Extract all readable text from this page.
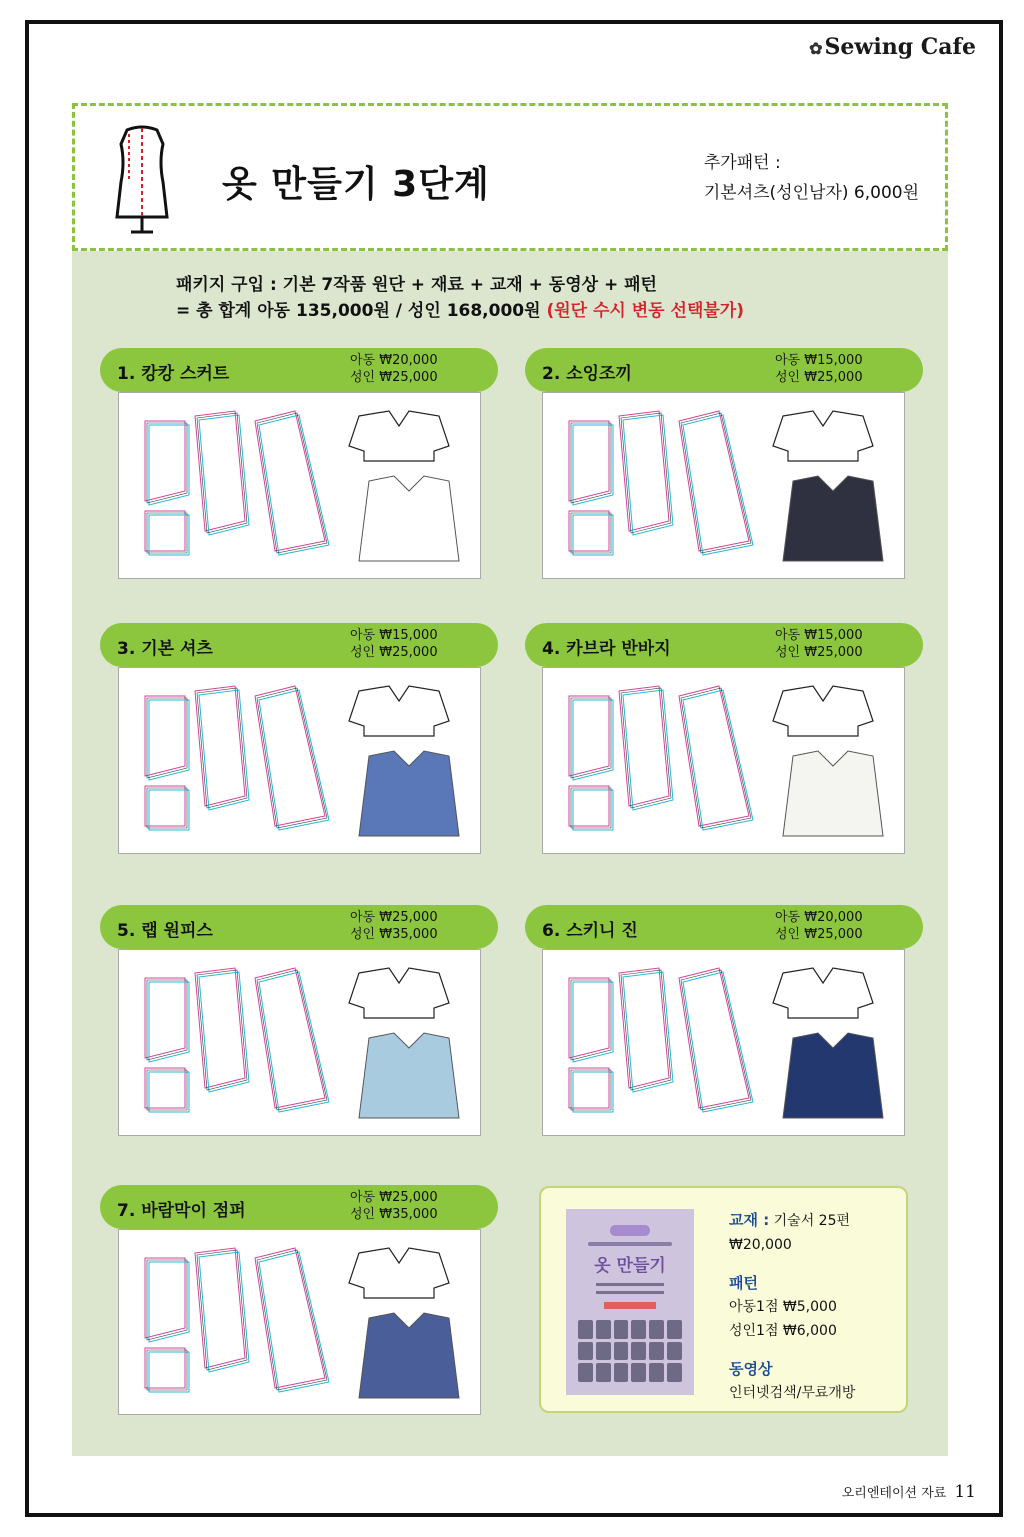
✿Sewing Cafe
옷 만들기 3단계
추가패턴 :
기본셔츠(성인남자) 6,000원
패키지 구입 : 기본 7작품 원단 + 재료 + 교재 + 동영상 + 패턴
= 총 합계 아동 135,000원 / 성인 168,000원 (원단 수시 변동 선택불가)
1. 캉캉 스커트
아동 ₩20,000
성인 ₩25,000	2. 소잉조끼
아동 ₩15,000
성인 ₩25,000
3. 기본 셔츠
아동 ₩15,000
성인 ₩25,000	4. 카브라 반바지
아동 ₩15,000
성인 ₩25,000
5. 랩 원피스
아동 ₩25,000
성인 ₩35,000	6. 스키니 진
아동 ₩20,000
성인 ₩25,000
7. 바람막이 점퍼
아동 ₩25,000
성인 ₩35,000
옷 만들기
교재 : 기술서 25편
₩20,000
패턴
아동1점 ₩5,000
성인1점 ₩6,000
동영상
인터넷검색/무료개방
오리엔테이션 자료 11
